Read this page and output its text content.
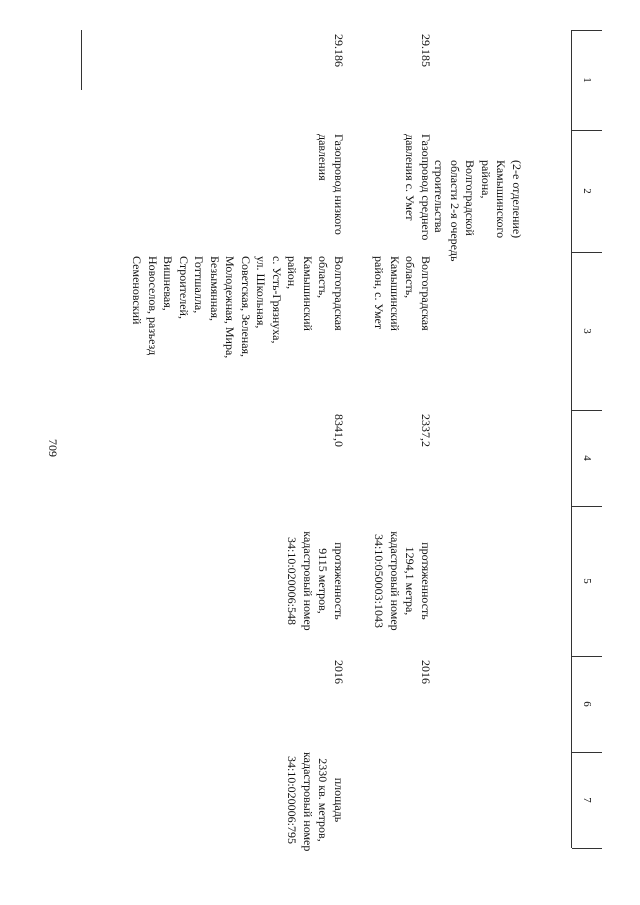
709
1
2
3
4
5
6
7
(2-е отделение)
Камышинского
района,
Волгоградской
области 2-я очередь
строительства
29.185
Газопровод среднего
давления с. Умет
Волгоградская
область,
Камышинский
район, с. Умет
2337,2
протяженность
1294,1 метра,
кадастровый номер
34:10:050003:1043
2016
29.186
Газопровод низкого
давления
Волгоградская
область,
Камышинский
район,
с. Усть-Грязнуха,
ул. Школьная,
Советская, Зеленая,
Молодежная, Мира,
Безымянная,
Готтшалла,
Строителей,
Вишневая,
Новоселов, разъезд
Семеновский
8341,0
протяженность
9115 метров,
кадастровый номер
34:10:020006:548
2016
площадь
2330 кв. метров,
кадастровый номер
34:10:020006:795
